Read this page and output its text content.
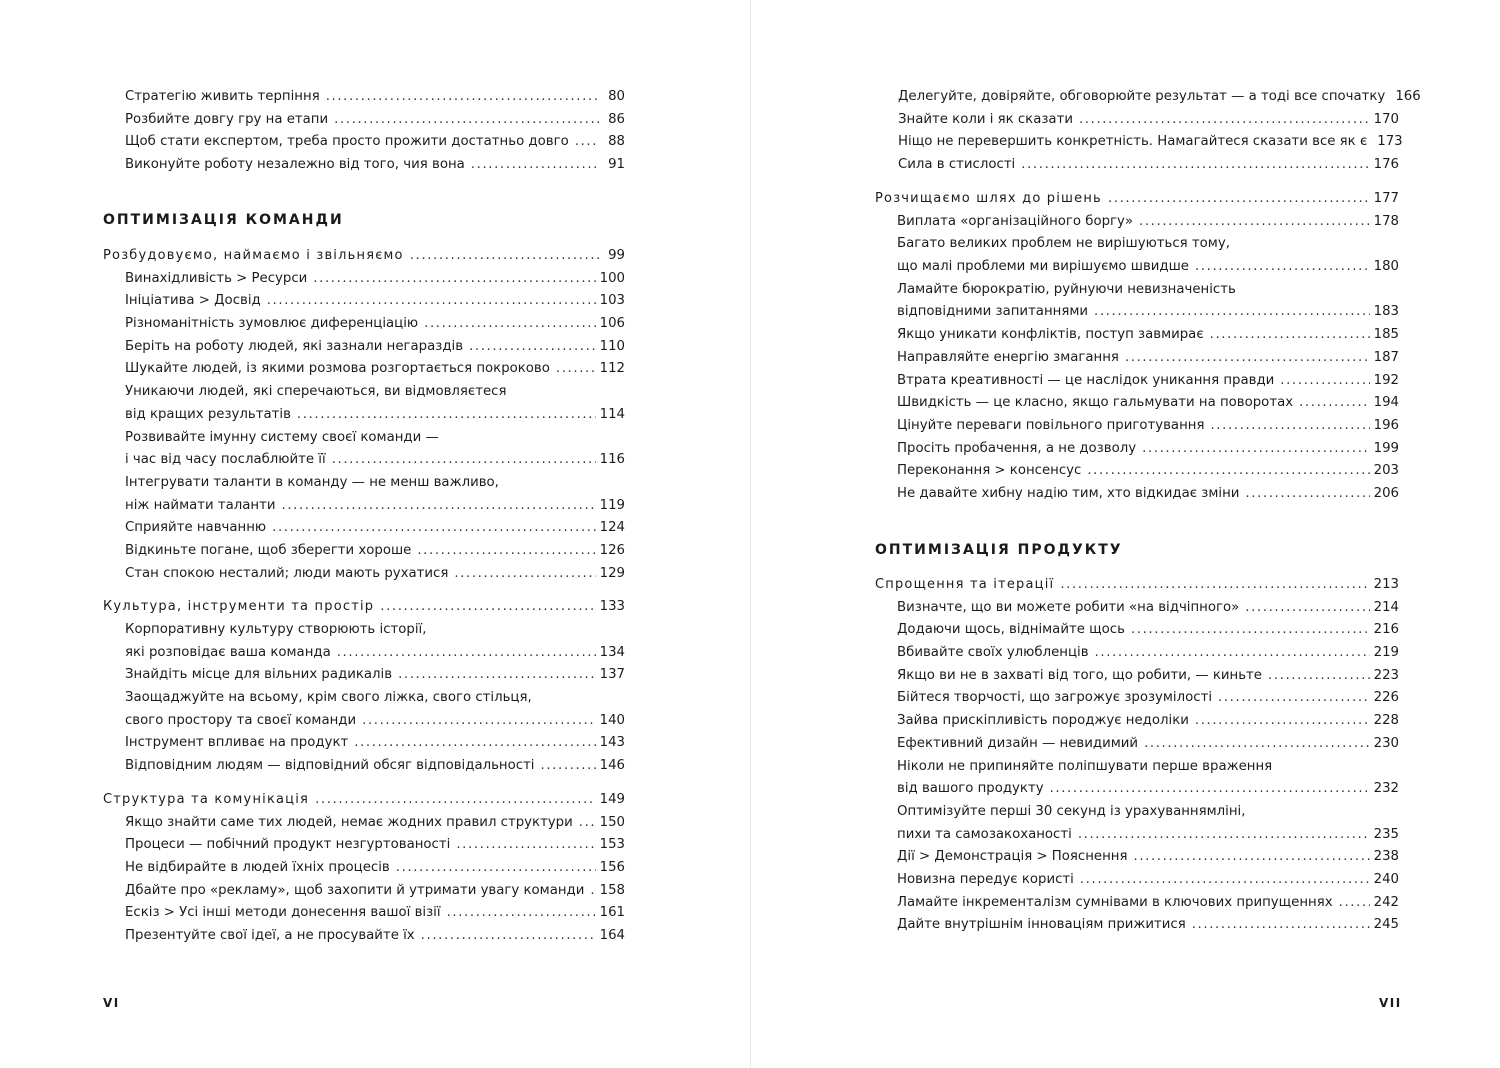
Стратегію живить терпіння .....	80
Розбийте довгу гру на етапи .....	86
Щоб стати експертом, треба просто прожити достатньо довго .....	88
Виконуйте роботу незалежно від того, чия вона .....	91
ОПТИМІЗАЦІЯ КОМАНДИ
Розбудовуємо, наймаємо і звільняємо .....	99
Винахідливість > Ресурси .....	100
Ініціатива > Досвід .....	103
Різноманітність зумовлює диференціацію .....	106
Беріть на роботу людей, які зазнали негараздів .....	110
Шукайте людей, із якими розмова розгортається покроково .....	112
Уникаючи людей, які сперечаються, ви відмовляєтеся
від кращих результатів .....	114
Розвивайте імунну систему своєї команди —
і час від часу послаблюйте її .....	116
Інтегрувати таланти в команду — не менш важливо,
ніж наймати таланти .....	119
Сприяйте навчанню .....	124
Відкиньте погане, щоб зберегти хороше .....	126
Стан спокою несталий; люди мають рухатися .....	129
Культура, інструменти та простір .....	133
Корпоративну культуру створюють історії,
які розповідає ваша команда .....	134
Знайдіть місце для вільних радикалів .....	137
Заощаджуйте на всьому, крім свого ліжка, свого стільця,
свого простору та своєї команди .....	140
Інструмент впливає на продукт .....	143
Відповідним людям — відповідний обсяг відповідальності .....	146
Структура та комунікація .....	149
Якщо знайти саме тих людей, немає жодних правил структури ..... 150
Процеси — побічний продукт незгуртованості .....	153
Не відбирайте в людей їхніх процесів .....	156
Дбайте про «рекламу», щоб захопити й утримати увагу команди ..... 158
Ескіз > Усі інші методи донесення вашої візії .....	161
Презентуйте свої ідеї, а не просувайте їх .....	164
VI
Делегуйте, довіряйте, обговорюйте результат — а тоді все спочатку 166
Знайте коли і як сказати .....	170
Ніщо не перевершить конкретність. Намагайтеся сказати все як є 173
Сила в стислості .....	176
Розчищаємо шлях до рішень .....	177
Виплата «організаційного боргу» .....	178
Багато великих проблем не вирішуються тому,
що малі проблеми ми вирішуємо швидше .....	180
Ламайте бюрократію, руйнуючи невизначеність
відповідними запитаннями .....	183
Якщо уникати конфліктів, поступ завмирає .....	185
Направляйте енергію змагання .....	187
Втрата креативності — це наслідок уникання правди .....	192
Швидкість — це класно, якщо гальмувати на поворотах .....	194
Цінуйте переваги повільного приготування .....	196
Просіть пробачення, а не дозволу .....	199
Переконання > консенсус .....	203
Не давайте хибну надію тим, хто відкидає зміни .....	206
ОПТИМІЗАЦІЯ ПРОДУКТУ
Спрощення та ітерації .....	213
Визначте, що ви можете робити «на відчіпного» .....	214
Додаючи щось, віднімайте щось .....	216
Вбивайте своїх улюбленців .....	219
Якщо ви не в захваті від того, що робити, — киньте .....	223
Бійтеся творчості, що загрожує зрозумілості .....	226
Зайва прискіпливість породжує недоліки .....	228
Ефективний дизайн — невидимий .....	230
Ніколи не припиняйте поліпшувати перше враження
від вашого продукту .....	232
Оптимізуйте перші 30 секунд із урахуваннямліні,
пихи та самозакоханості .....	235
Дії > Демонстрація > Пояснення .....	238
Новизна передує користі .....	240
Ламайте інкременталізм сумнівами в ключових припущеннях .....	242
Дайте внутрішнім інноваціям прижитися .....	245
VII
